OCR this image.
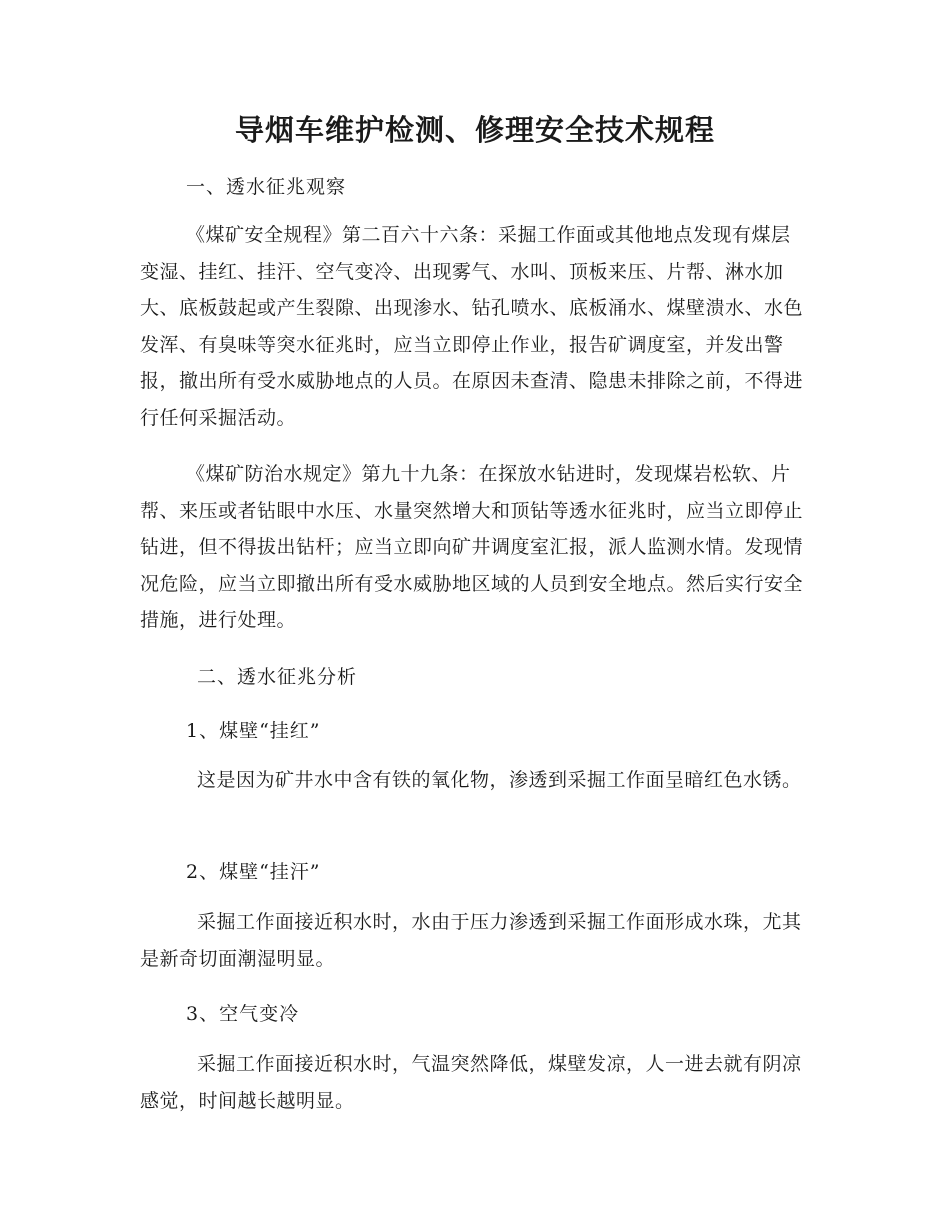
导烟车维护检测、修理安全技术规程

一、透水征兆观察

《煤矿安全规程》第二百六十六条：采掘工作面或其他地点发现有煤层变湿、挂红、挂汗、空气变冷、出现雾气、水叫、顶板来压、片帮、淋水加大、底板鼓起或产生裂隙、出现渗水、钻孔喷水、底板涌水、煤壁溃水、水色发浑、有臭味等突水征兆时，应当立即停止作业，报告矿调度室，并发出警报，撤出所有受水威胁地点的人员。在原因未查清、隐患未排除之前，不得进行任何采掘活动。

《煤矿防治水规定》第九十九条：在探放水钻进时，发现煤岩松软、片帮、来压或者钻眼中水压、水量突然增大和顶钻等透水征兆时，应当立即停止钻进，但不得拔出钻杆；应当立即向矿井调度室汇报，派人监测水情。发现情况危险，应当立即撤出所有受水威胁地区域的人员到安全地点。然后实行安全措施，进行处理。

二、透水征兆分析

1、煤壁“挂红”

这是因为矿井水中含有铁的氧化物，渗透到采掘工作面呈暗红色水锈。

2、煤壁“挂汗”

采掘工作面接近积水时，水由于压力渗透到采掘工作面形成水珠，尤其是新奇切面潮湿明显。

3、空气变冷

采掘工作面接近积水时，气温突然降低，煤壁发凉，人一进去就有阴凉感觉，时间越长越明显。
